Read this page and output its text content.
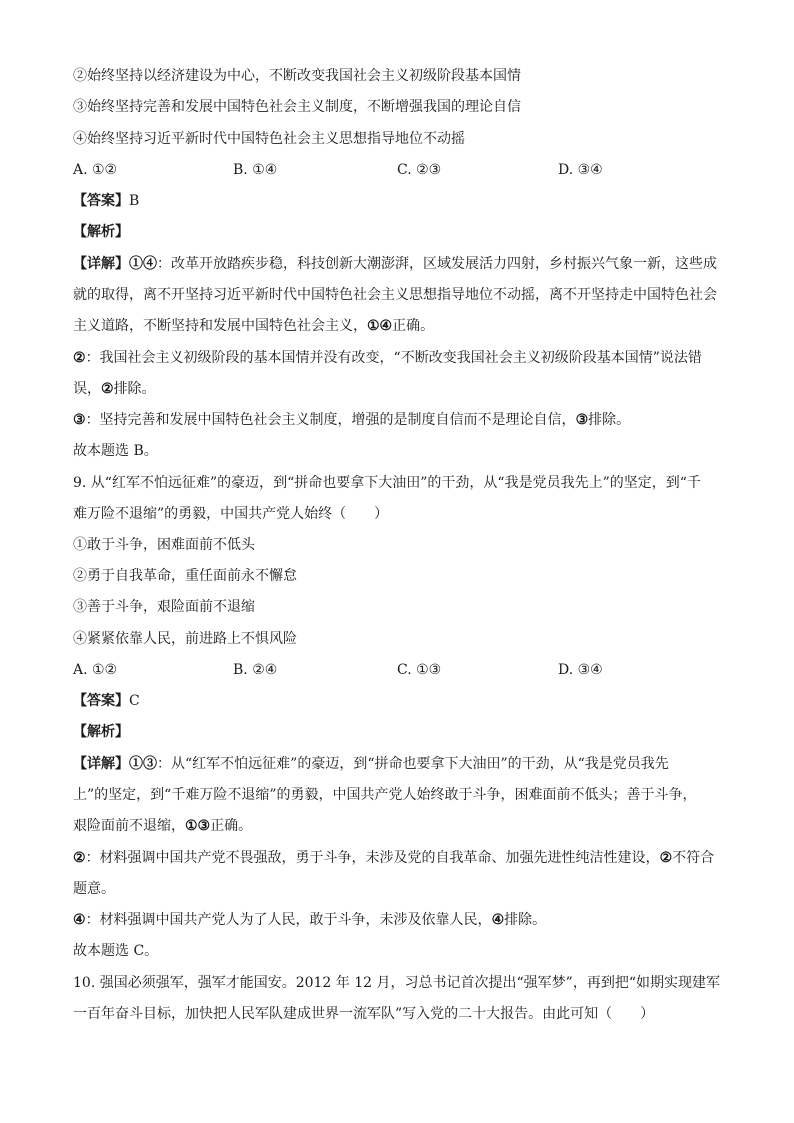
②始终坚持以经济建设为中心，不断改变我国社会主义初级阶段基本国情
③始终坚持完善和发展中国特色社会主义制度，不断增强我国的理论自信
④始终坚持习近平新时代中国特色社会主义思想指导地位不动摇
A. ①②	B. ①④	C. ②③	D. ③④
【答案】B
【解析】
【详解】①④：改革开放踏疾步稳，科技创新大潮澎湃，区域发展活力四射，乡村振兴气象一新，这些成
就的取得，离不开坚持习近平新时代中国特色社会主义思想指导地位不动摇，离不开坚持走中国特色社会
主义道路，不断坚持和发展中国特色社会主义，①④正确。
②：我国社会主义初级阶段的基本国情并没有改变，“不断改变我国社会主义初级阶段基本国情”说法错
误，②排除。
③：坚持完善和发展中国特色社会主义制度，增强的是制度自信而不是理论自信，③排除。
故本题选 B。
9. 从“红军不怕远征难”的豪迈，到“拼命也要拿下大油田”的干劲，从“我是党员我先上”的坚定，到“千
难万险不退缩”的勇毅，中国共产党人始终（　　）
①敢于斗争，困难面前不低头
②勇于自我革命，重任面前永不懈怠
③善于斗争，艰险面前不退缩
④紧紧依靠人民，前进路上不惧风险
A. ①②	B. ②④	C. ①③	D. ③④
【答案】C
【解析】
【详解】①③：从“红军不怕远征难”的豪迈，到“拼命也要拿下大油田”的干劲，从“我是党员我先
上”的坚定，到“千难万险不退缩”的勇毅，中国共产党人始终敢于斗争，困难面前不低头；善于斗争，
艰险面前不退缩，①③正确。
②：材料强调中国共产党不畏强敌，勇于斗争，未涉及党的自我革命、加强先进性纯洁性建设，②不符合
题意。
④：材料强调中国共产党人为了人民，敢于斗争，未涉及依靠人民，④排除。
故本题选 C。
10. 强国必须强军，强军才能国安。2012 年 12 月，习总书记首次提出“强军梦”，再到把“如期实现建军
一百年奋斗目标，加快把人民军队建成世界一流军队”写入党的二十大报告。由此可知（　　）
